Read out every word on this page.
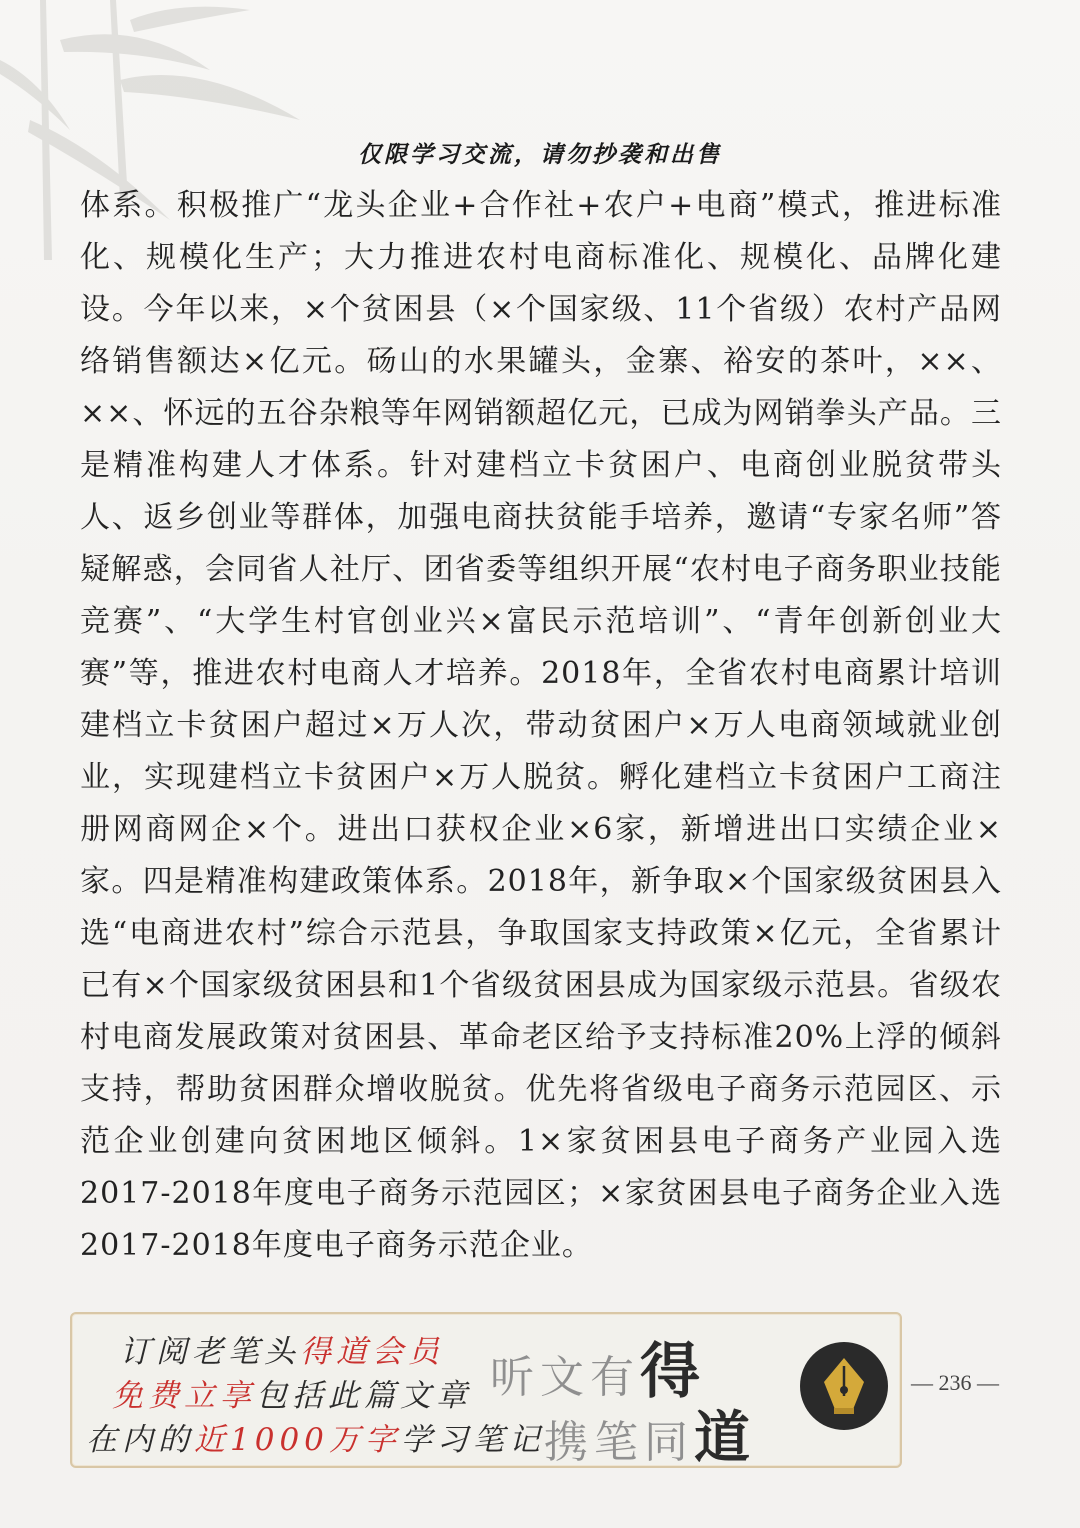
仅限学习交流，请勿抄袭和出售

体系。积极推广“龙头企业+合作社+农户+电商”模式，推进标准化、规模化生产；大力推进农村电商标准化、规模化、品牌化建设。今年以来，×个贫困县（×个国家级、11个省级）农村产品网络销售额达×亿元。砀山的水果罐头，金寨、裕安的茶叶，××、××、怀远的五谷杂粮等年网销额超亿元，已成为网销拳头产品。三是精准构建人才体系。针对建档立卡贫困户、电商创业脱贫带头人、返乡创业等群体，加强电商扶贫能手培养，邀请“专家名师”答疑解惑，会同省人社厅、团省委等组织开展“农村电子商务职业技能竞赛”、“大学生村官创业兴×富民示范培训”、“青年创新创业大赛”等，推进农村电商人才培养。2018年，全省农村电商累计培训建档立卡贫困户超过×万人次，带动贫困户×万人电商领域就业创业，实现建档立卡贫困户×万人脱贫。孵化建档立卡贫困户工商注册网商网企×个。进出口获权企业×6家，新增进出口实绩企业×家。四是精准构建政策体系。2018年，新争取×个国家级贫困县入选“电商进农村”综合示范县，争取国家支持政策×亿元，全省累计已有×个国家级贫困县和1个省级贫困县成为国家级示范县。省级农村电商发展政策对贫困县、革命老区给予支持标准20%上浮的倾斜支持，帮助贫困群众增收脱贫。优先将省级电子商务示范园区、示范企业创建向贫困地区倾斜。1×家贫困县电子商务产业园入选2017-2018年度电子商务示范园区；×家贫困县电子商务企业入选2017-2018年度电子商务示范企业。

订阅老笔头得道会员
免费立享包括此篇文章
在内的近1000万字学习笔记
听文有得
携笔同道
— 236 —
